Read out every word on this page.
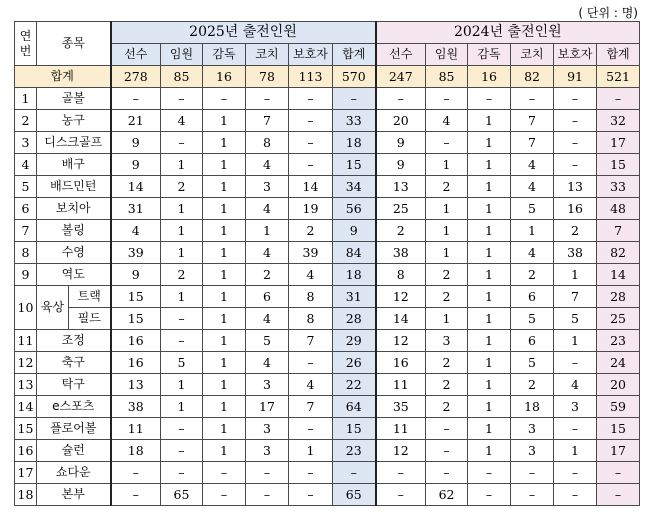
( 단위 : 명)
연
번	종목		2025년 출전인원						2024년 출전인원					
			선수	임원	감독	코치	보호자	합계	선수	임원	감독	코치	보호자	합계
합계			278	85	16	78	113	570	247	85	16	82	91	521
1	골볼		–	–	–	–	–	–	–	–	–	–	–	–
2	농구		21	4	1	7	–	33	20	4	1	7	–	32
3	디스크골프		9	–	1	8	–	18	9	–	1	7	–	17
4	배구		9	1	1	4	–	15	9	1	1	4	–	15
5	배드민턴		14	2	1	3	14	34	13	2	1	4	13	33
6	보치아		31	1	1	4	19	56	25	1	1	5	16	48
7	볼링		4	1	1	1	2	9	2	1	1	1	2	7
8	수영		39	1	1	4	39	84	38	1	1	4	38	82
9	역도		9	2	1	2	4	18	8	2	1	2	1	14
10	육상	트랙	15	1	1	6	8	31	12	2	1	6	7	28
		필드	15	–	1	4	8	28	14	1	1	5	5	25
11	조정		16	–	1	5	7	29	12	3	1	6	1	23
12	축구		16	5	1	4	–	26	16	2	1	5	–	24
13	탁구		13	1	1	3	4	22	11	2	1	2	4	20
14	e스포츠		38	1	1	17	7	64	35	2	1	18	3	59
15	플로어볼		11	–	1	3	–	15	11	–	1	3	–	15
16	슐런		18	–	1	3	1	23	12	–	1	3	1	17
17	쇼다운		–	–	–	–	–	–	–	–	–	–	–	–
18	본부		–	65	–	–	–	65	–	62	–	–	–	–
